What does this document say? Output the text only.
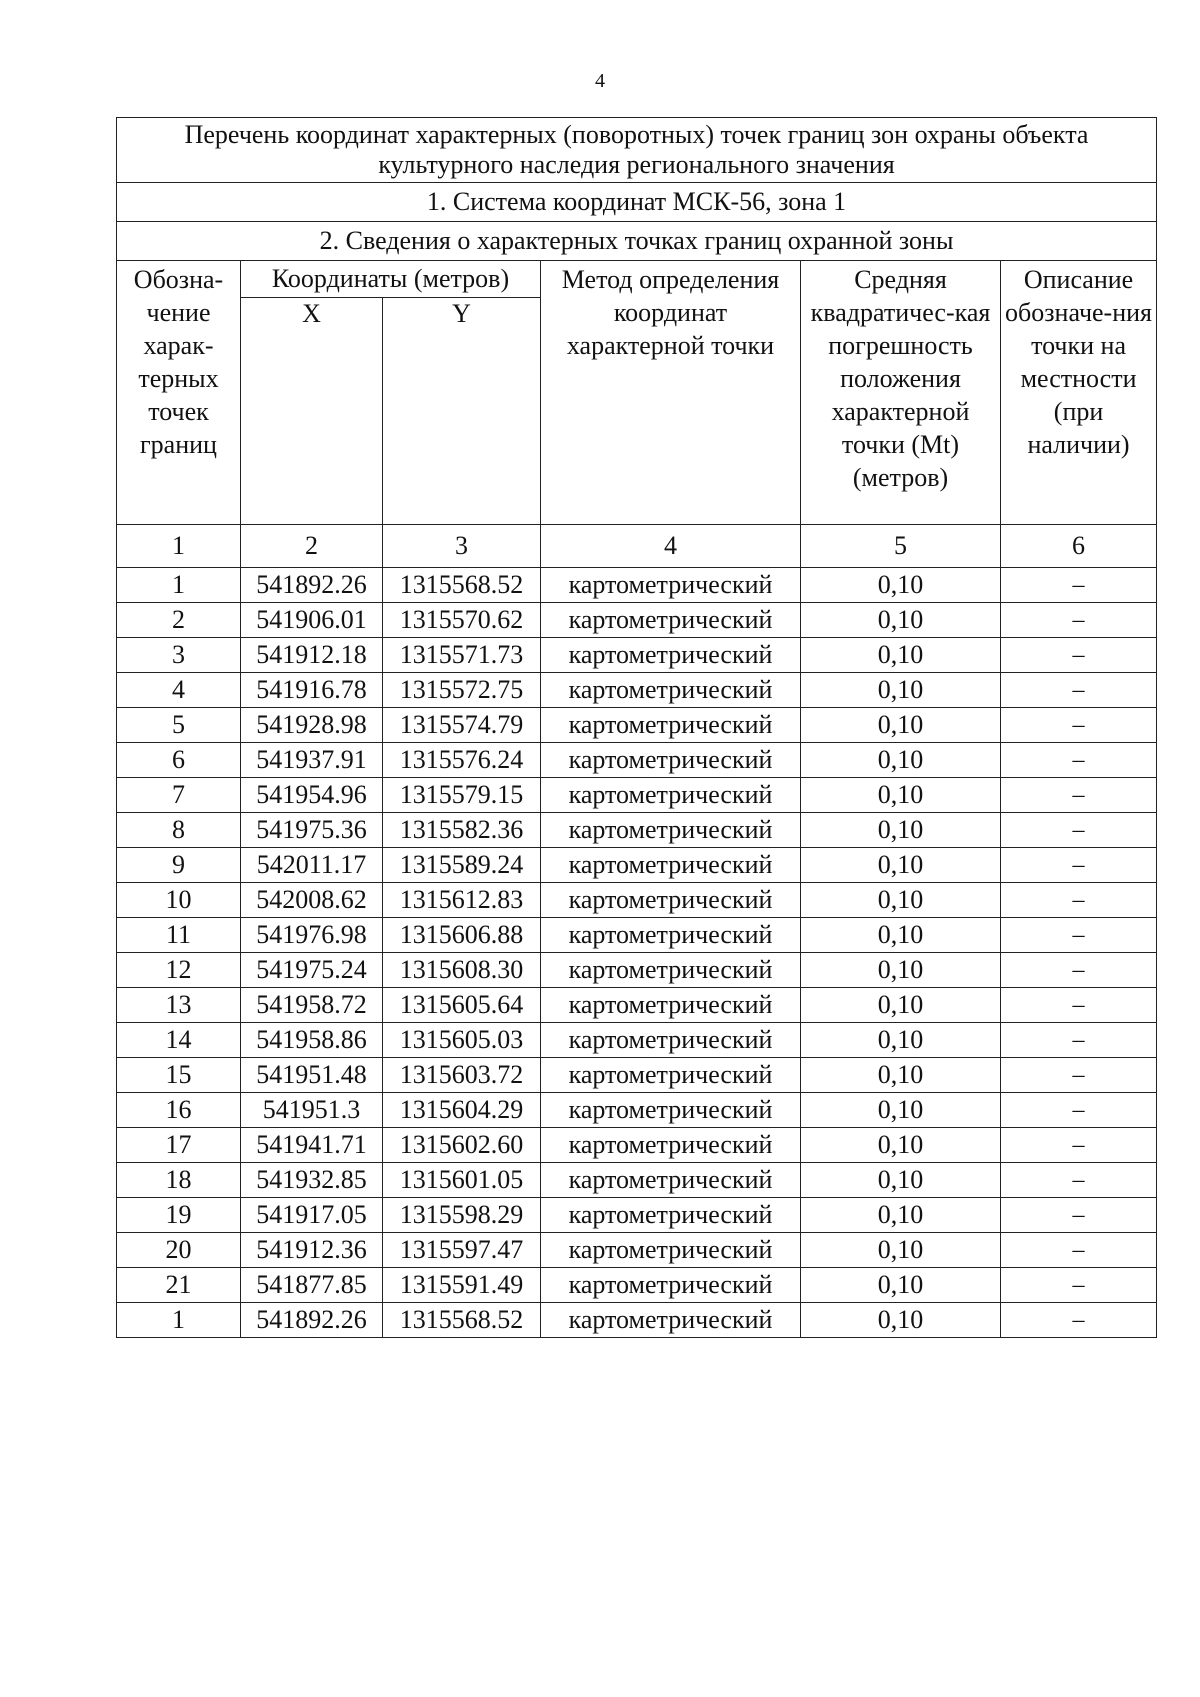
4
Перечень координат характерных (поворотных) точек границ зон охраны объекта культурного наследия регионального значения					
1. Система координат МСК-56, зона 1					
2. Сведения о характерных точках границ охранной зоны					
Обозна-чение харак-терных точек границ	Координаты (метров)		Метод определения координат характерной точки	Средняя квадратичес-кая погрешность положения характерной точки (Mt) (метров)	Описание обозначе-ния точки на местности (при наличии)
	X	Y			
1	2	3	4	5	6
1	541892.26	1315568.52	картометрический	0,10	–
2	541906.01	1315570.62	картометрический	0,10	–
3	541912.18	1315571.73	картометрический	0,10	–
4	541916.78	1315572.75	картометрический	0,10	–
5	541928.98	1315574.79	картометрический	0,10	–
6	541937.91	1315576.24	картометрический	0,10	–
7	541954.96	1315579.15	картометрический	0,10	–
8	541975.36	1315582.36	картометрический	0,10	–
9	542011.17	1315589.24	картометрический	0,10	–
10	542008.62	1315612.83	картометрический	0,10	–
11	541976.98	1315606.88	картометрический	0,10	–
12	541975.24	1315608.30	картометрический	0,10	–
13	541958.72	1315605.64	картометрический	0,10	–
14	541958.86	1315605.03	картометрический	0,10	–
15	541951.48	1315603.72	картометрический	0,10	–
16	541951.3	1315604.29	картометрический	0,10	–
17	541941.71	1315602.60	картометрический	0,10	–
18	541932.85	1315601.05	картометрический	0,10	–
19	541917.05	1315598.29	картометрический	0,10	–
20	541912.36	1315597.47	картометрический	0,10	–
21	541877.85	1315591.49	картометрический	0,10	–
1	541892.26	1315568.52	картометрический	0,10	–
